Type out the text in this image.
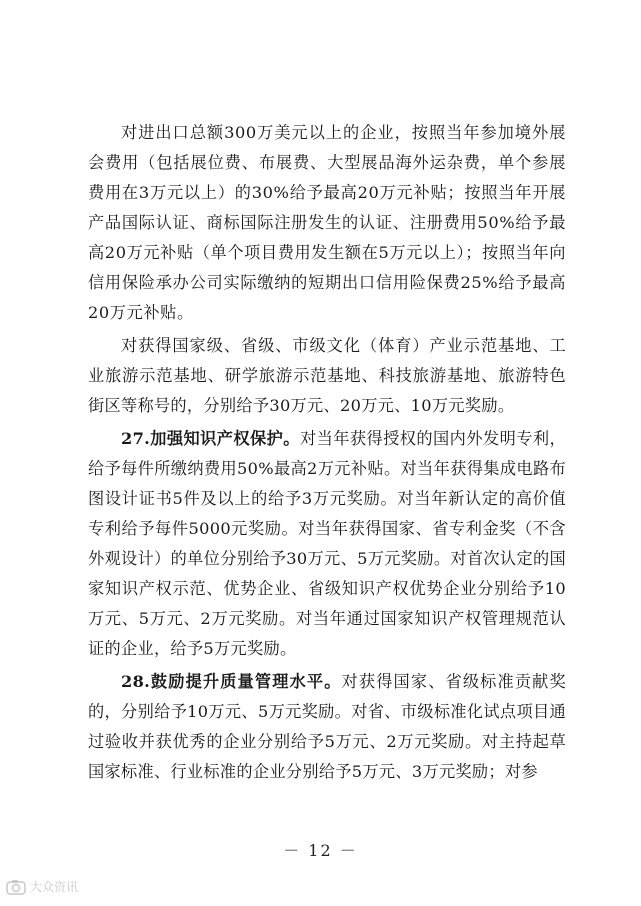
对进出口总额300万美元以上的企业，按照当年参加境外展会费用（包括展位费、布展费、大型展品海外运杂费，单个参展费用在3万元以上）的30%给予最高20万元补贴；按照当年开展产品国际认证、商标国际注册发生的认证、注册费用50%给予最高20万元补贴（单个项目费用发生额在5万元以上）；按照当年向信用保险承办公司实际缴纳的短期出口信用险保费25%给予最高20万元补贴。

对获得国家级、省级、市级文化（体育）产业示范基地、工业旅游示范基地、研学旅游示范基地、科技旅游基地、旅游特色街区等称号的，分别给予30万元、20万元、10万元奖励。

27.加强知识产权保护。对当年获得授权的国内外发明专利，给予每件所缴纳费用50%最高2万元补贴。对当年获得集成电路布图设计证书5件及以上的给予3万元奖励。对当年新认定的高价值专利给予每件5000元奖励。对当年获得国家、省专利金奖（不含外观设计）的单位分别给予30万元、5万元奖励。对首次认定的国家知识产权示范、优势企业、省级知识产权优势企业分别给予10万元、5万元、2万元奖励。对当年通过国家知识产权管理规范认证的企业，给予5万元奖励。

28.鼓励提升质量管理水平。对获得国家、省级标准贡献奖的，分别给予10万元、5万元奖励。对省、市级标准化试点项目通过验收并获优秀的企业分别给予5万元、2万元奖励。对主持起草国家标准、行业标准的企业分别给予5万元、3万元奖励；对参

－ 12 －
大众资讯
